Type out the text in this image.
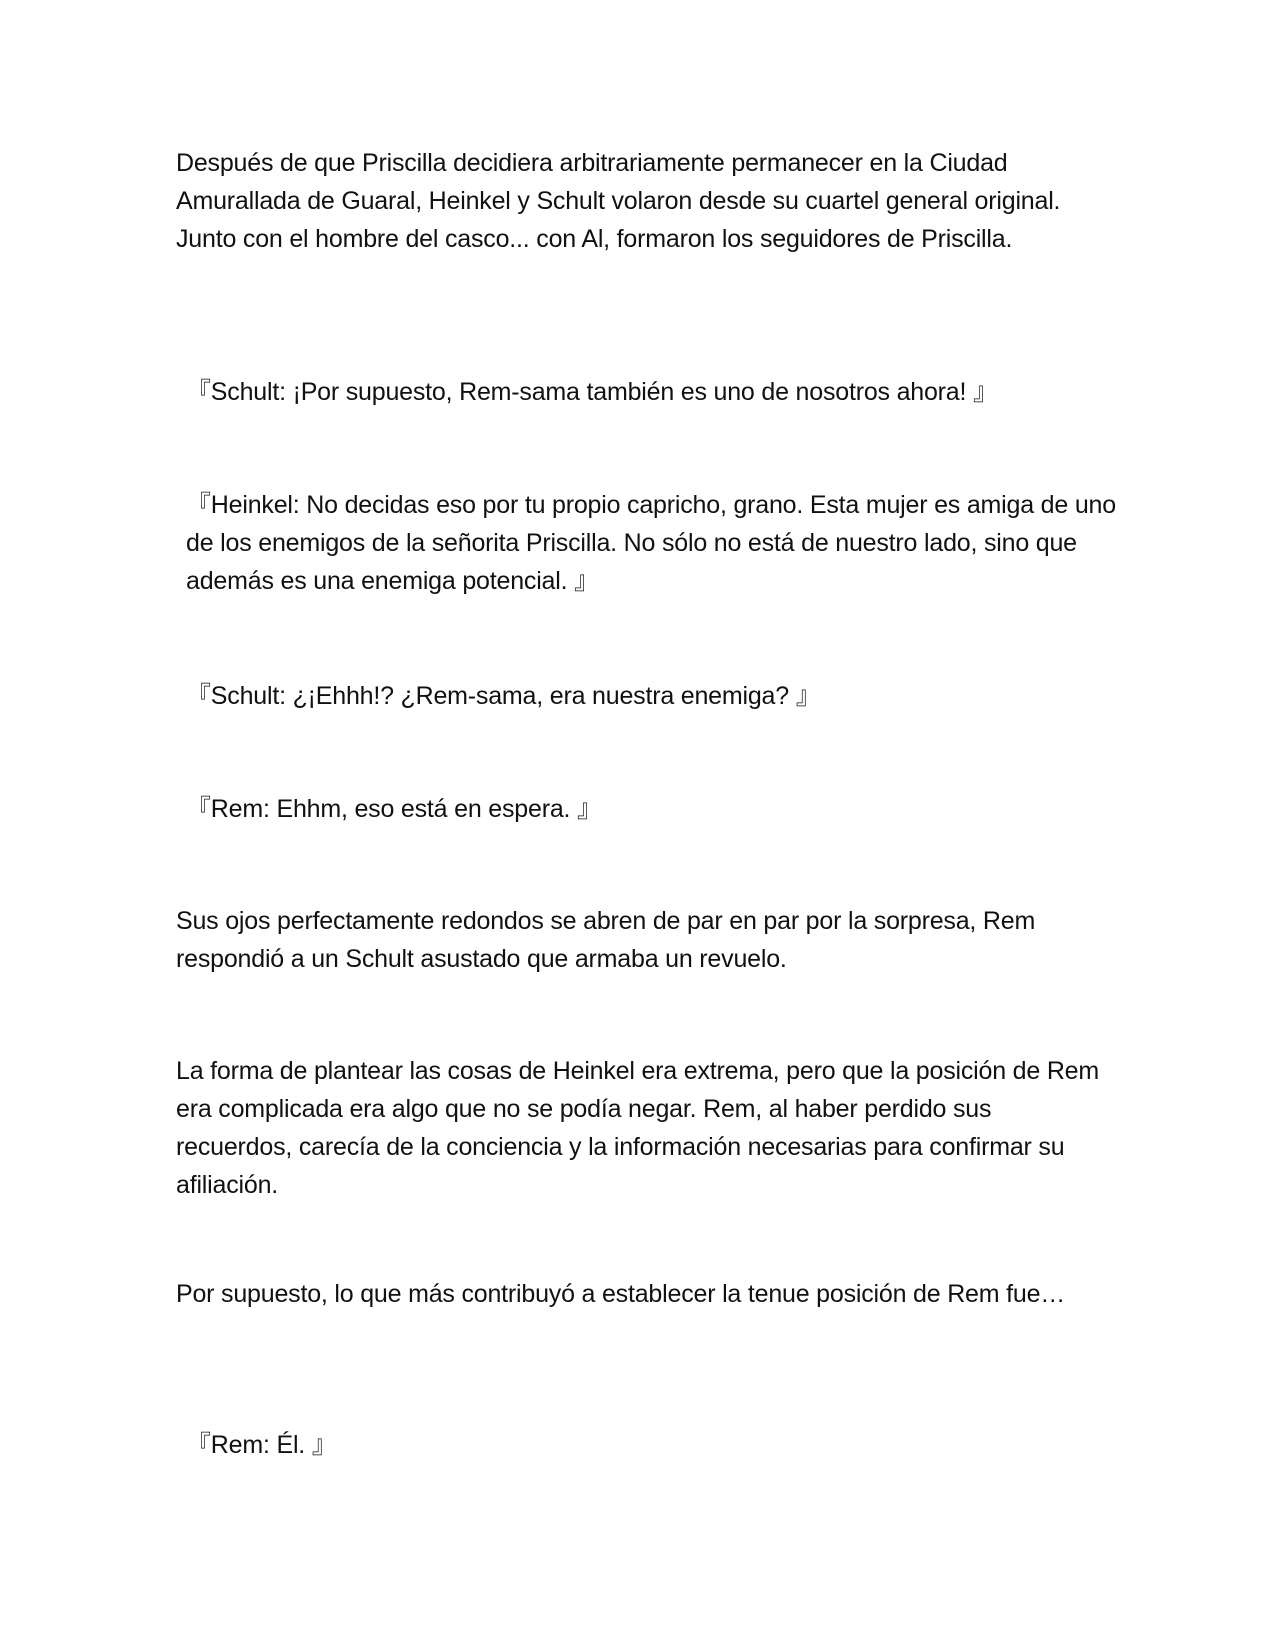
Después de que Priscilla decidiera arbitrariamente permanecer en la Ciudad Amurallada de Guaral, Heinkel y Schult volaron desde su cuartel general original. Junto con el hombre del casco... con Al, formaron los seguidores de Priscilla.

『Schult: ¡Por supuesto, Rem-sama también es uno de nosotros ahora! 』

『Heinkel: No decidas eso por tu propio capricho, grano. Esta mujer es amiga de uno de los enemigos de la señorita Priscilla. No sólo no está de nuestro lado, sino que además es una enemiga potencial. 』

『Schult: ¿¡Ehhh!? ¿Rem-sama, era nuestra enemiga? 』

『Rem: Ehhm, eso está en espera. 』

Sus ojos perfectamente redondos se abren de par en par por la sorpresa, Rem respondió a un Schult asustado que armaba un revuelo.

La forma de plantear las cosas de Heinkel era extrema, pero que la posición de Rem era complicada era algo que no se podía negar. Rem, al haber perdido sus recuerdos, carecía de la conciencia y la información necesarias para confirmar su afiliación.

Por supuesto, lo que más contribuyó a establecer la tenue posición de Rem fue…

『Rem: Él. 』
